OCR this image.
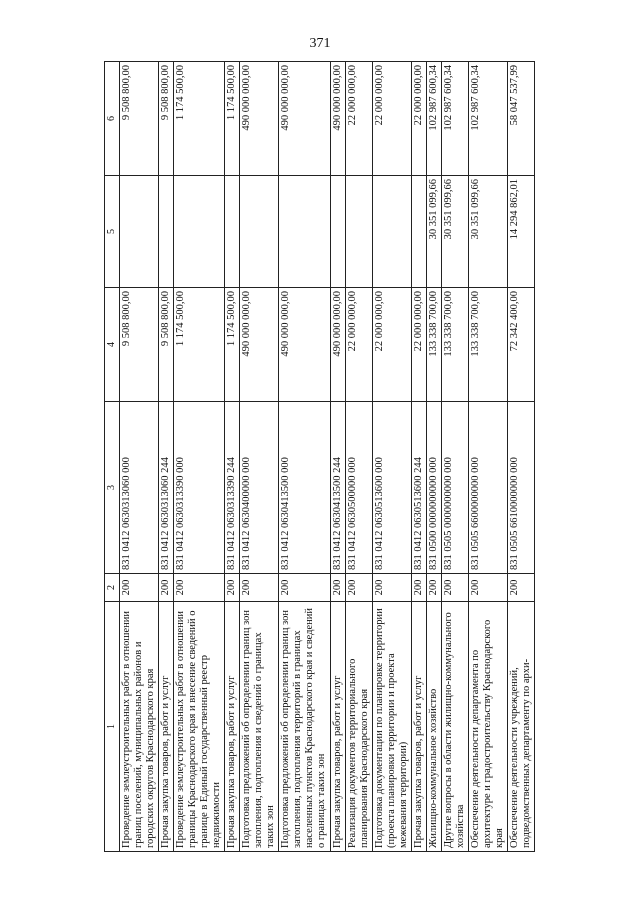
371
1	2	3	4	5	6
Проведение землеустроительных работ в отношении границ поселений, муниципальных районов и городских округов Краснодарского края	200	831 0412 0630313060 000	9 508 800,00		9 508 800,00
Прочая закупка товаров, работ и услуг	200	831 0412 0630313060 244	9 508 800,00		9 508 800,00
Проведение землеустроительных работ в отношении границы Краснодарского края и внесение сведений о границе в Единый государственный реестр недвижимости	200	831 0412 0630313390 000	1 174 500,00		1 174 500,00
Прочая закупка товаров, работ и услуг	200	831 0412 0630313390 244	1 174 500,00		1 174 500,00
Подготовка предложений об определении границ зон затопления, подтопления и сведений о границах таких зон	200	831 0412 0630400000 000	490 000 000,00		490 000 000,00
Подготовка предложений об определении границ зон затопления, подтопления территорий в границах населенных пунктов Краснодарского края и сведений о границах таких зон	200	831 0412 0630413500 000	490 000 000,00		490 000 000,00
Прочая закупка товаров, работ и услуг	200	831 0412 0630413500 244	490 000 000,00		490 000 000,00
Реализация документов территориального планирования Краснодарского края	200	831 0412 0630500000 000	22 000 000,00		22 000 000,00
Подготовка документации по планировке территории (проекта планировки территории и проекта межевания территории)	200	831 0412 0630513600 000	22 000 000,00		22 000 000,00
Прочая закупка товаров, работ и услуг	200	831 0412 0630513600 244	22 000 000,00		22 000 000,00
Жилищно-коммунальное хозяйство	200	831 0500 0000000000 000	133 338 700,00	30 351 099,66	102 987 600,34
Другие вопросы в области жилищно-коммунального хозяйства	200	831 0505 0000000000 000	133 338 700,00	30 351 099,66	102 987 600,34
Обеспечение деятельности департамента по архитектуре и градостроительству Краснодарского края	200	831 0505 6600000000 000	133 338 700,00	30 351 099,66	102 987 600,34
Обеспечение деятельности учреждений, подведомственных департаменту по архи-	200	831 0505 6610000000 000	72 342 400,00	14 294 862,01	58 047 537,99
